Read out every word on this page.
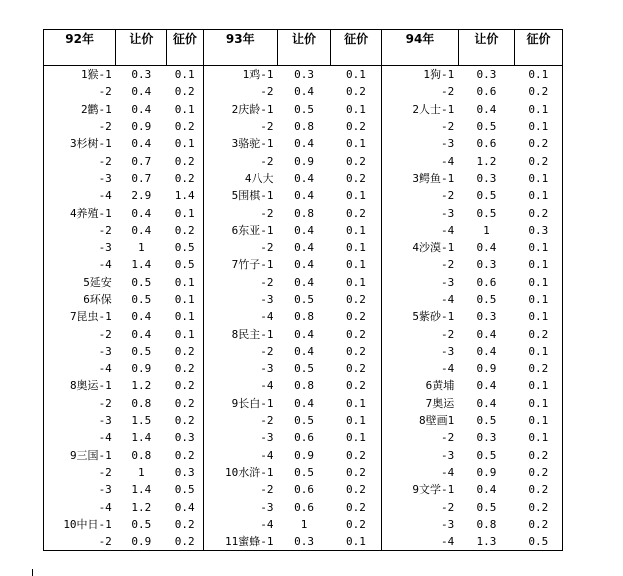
92年	让价	征价	93年	让价	征价	94年	让价	征价
1猴-1	0.3	0.1	1鸡-1	0.3	0.1	1狗-1	0.3	0.1
-2	0.4	0.2	-2	0.4	0.2	-2	0.6	0.2
2鹳-1	0.4	0.1	2庆龄-1	0.5	0.1	2人士-1	0.4	0.1
-2	0.9	0.2	-2	0.8	0.2	-2	0.5	0.1
3杉树-1	0.4	0.1	3骆驼-1	0.4	0.1	-3	0.6	0.2
-2	0.7	0.2	-2	0.9	0.2	-4	1.2	0.2
-3	0.7	0.2	4八大	0.4	0.2	3鳄鱼-1	0.3	0.1
-4	2.9	1.4	5围棋-1	0.4	0.1	-2	0.5	0.1
4养殖-1	0.4	0.1	-2	0.8	0.2	-3	0.5	0.2
-2	0.4	0.2	6东亚-1	0.4	0.1	-4	1	0.3
-3	1	0.5	-2	0.4	0.1	4沙漠-1	0.4	0.1
-4	1.4	0.5	7竹子-1	0.4	0.1	-2	0.3	0.1
5延安	0.5	0.1	-2	0.4	0.1	-3	0.6	0.1
6环保	0.5	0.1	-3	0.5	0.2	-4	0.5	0.1
7昆虫-1	0.4	0.1	-4	0.8	0.2	5紫砂-1	0.3	0.1
-2	0.4	0.1	8民主-1	0.4	0.2	-2	0.4	0.2
-3	0.5	0.2	-2	0.4	0.2	-3	0.4	0.1
-4	0.9	0.2	-3	0.5	0.2	-4	0.9	0.2
8奥运-1	1.2	0.2	-4	0.8	0.2	6黄埔	0.4	0.1
-2	0.8	0.2	9长白-1	0.4	0.1	7奥运	0.4	0.1
-3	1.5	0.2	-2	0.5	0.1	8壁画1	0.5	0.1
-4	1.4	0.3	-3	0.6	0.1	-2	0.3	0.1
9三国-1	0.8	0.2	-4	0.9	0.2	-3	0.5	0.2
-2	1	0.3	10水浒-1	0.5	0.2	-4	0.9	0.2
-3	1.4	0.5	-2	0.6	0.2	9文学-1	0.4	0.2
-4	1.2	0.4	-3	0.6	0.2	-2	0.5	0.2
10中日-1	0.5	0.2	-4	1	0.2	-3	0.8	0.2
-2	0.9	0.2	11蜜蜂-1	0.3	0.1	-4	1.3	0.5
